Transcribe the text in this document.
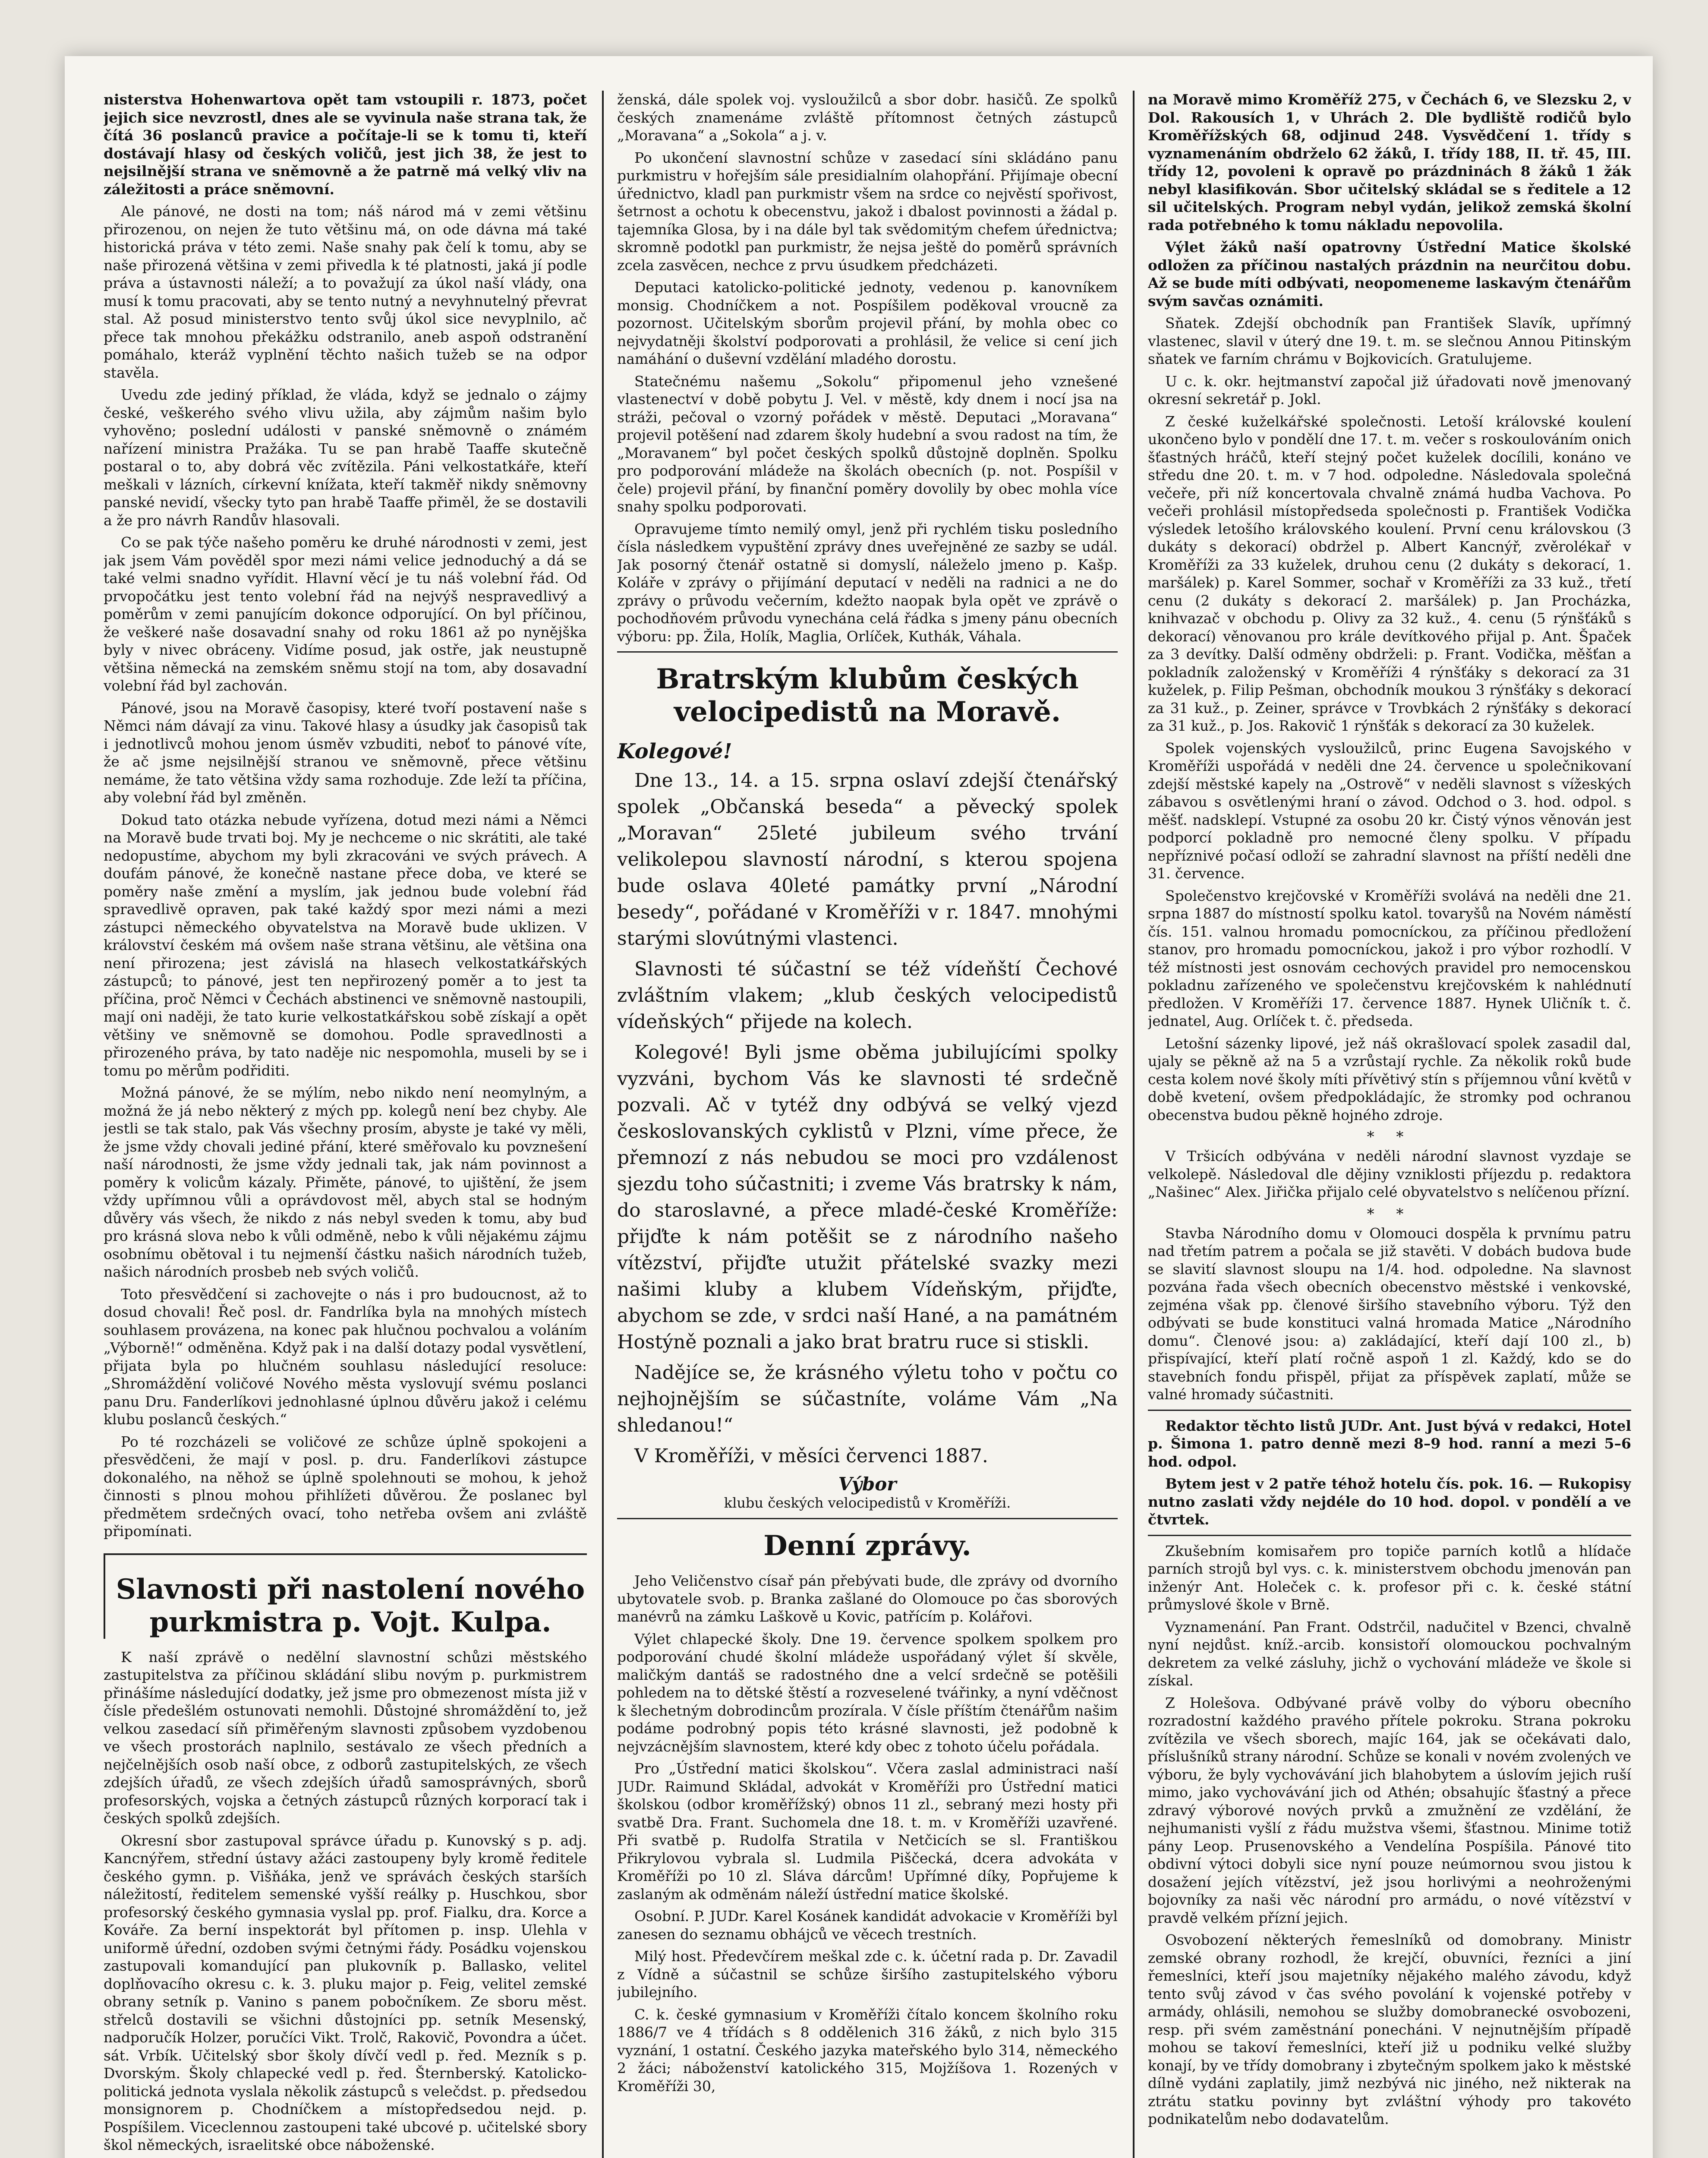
nisterstva Hohenwartova opět tam vstoupili r. 1873, počet jejich sice nevzrostl, dnes ale se vyvinula naše strana tak, že čítá 36 poslanců pravice a počítaje-li se k tomu ti, kteří dostávají hlasy od českých voličů, jest jich 38, že jest to nejsilnější strana ve sněmovně a že patrně má velký vliv na záležitosti a práce sněmovní.

Ale pánové, ne dosti na tom; náš národ má v zemi většinu přirozenou, on nejen že tuto většinu má, on ode dávna má také historická práva v této zemi. Naše snahy pak čelí k tomu, aby se naše přirozená většina v zemi přivedla k té platnosti, jaká jí podle práva a ústavnosti náleží; a to považují za úkol naší vlády, ona musí k tomu pracovati, aby se tento nutný a nevyhnutelný převrat stal. Až posud ministerstvo tento svůj úkol sice nevyplnilo, ač přece tak mnohou překážku odstranilo, aneb aspoň odstranění pomáhalo, kteráž vyplnění těchto našich tužeb se na odpor stavěla.

Uvedu zde jediný příklad, že vláda, když se jednalo o zájmy české, veškerého svého vlivu užila, aby zájmům našim bylo vyhověno; poslední události v panské sněmovně o známém nařízení ministra Pražáka. Tu se pan hrabě Taaffe skutečně postaral o to, aby dobrá věc zvítězila. Páni velkostatkáře, kteří meškali v lázních, církevní knížata, kteří takměř nikdy sněmovny panské nevidí, všecky tyto pan hrabě Taaffe přiměl, že se dostavili a že pro návrh Randův hlasovali.

Co se pak týče našeho poměru ke druhé národnosti v zemi, jest jak jsem Vám pověděl spor mezi námi velice jednoduchý a dá se také velmi snadno vyřídit. Hlavní věcí je tu náš volební řád. Od prvopočátku jest tento volební řád na nejvýš nespravedlivý a poměrům v zemi panujícím dokonce odporující. On byl příčinou, že veškeré naše dosavadní snahy od roku 1861 až po nynějška byly v nivec obráceny. Vidíme posud, jak ostře, jak neustupně většina německá na zemském sněmu stojí na tom, aby dosavadní volební řád byl zachován.

Pánové, jsou na Moravě časopisy, které tvoří postavení naše s Němci nám dávají za vinu. Takové hlasy a úsudky jak časopisů tak i jednotlivců mohou jenom úsměv vzbuditi, neboť to pánové víte, že ač jsme nejsilnější stranou ve sněmovně, přece většinu nemáme, že tato většina vždy sama rozhoduje. Zde leží ta příčina, aby volební řád byl změněn.

Dokud tato otázka nebude vyřízena, dotud mezi námi a Němci na Moravě bude trvati boj. My je nechceme o nic skrátiti, ale také nedopustíme, abychom my byli zkracováni ve svých právech. A doufám pánové, že konečně nastane přece doba, ve které se poměry naše změní a myslím, jak jednou bude volební řád spravedlivě opraven, pak také každý spor mezi námi a mezi zástupci německého obyvatelstva na Moravě bude uklizen. V království českém má ovšem naše strana většinu, ale většina ona není přirozena; jest závislá na hlasech velkostatkářských zástupců; to pánové, jest ten nepřirozený poměr a to jest ta příčina, proč Němci v Čechách abstinenci ve sněmovně nastoupili, mají oni naději, že tato kurie velkostatkářskou sobě získají a opět většiny ve sněmovně se domohou. Podle spravedlnosti a přirozeného práva, by tato naděje nic nespomohla, museli by se i tomu po měrům podřiditi.

Možná pánové, že se mýlím, nebo nikdo není neomylným, a možná že já nebo některý z mých pp. kolegů není bez chyby. Ale jestli se tak stalo, pak Vás všechny prosím, abyste je také vy měli, že jsme vždy chovali jediné přání, které směřovalo ku povznešení naší národnosti, že jsme vždy jednali tak, jak nám povinnost a poměry k volicům kázaly. Přiměte, pánové, to ujištění, že jsem vždy upřímnou vůli a oprávdovost měl, abych stal se hodným důvěry vás všech, že nikdo z nás nebyl sveden k tomu, aby buď pro krásná slova nebo k vůli odměně, nebo k vůli nějakému zájmu osobnímu obětoval i tu nejmenší částku našich národních tužeb, našich národních prosbeb neb svých voličů.

Toto přesvědčení si zachovejte o nás i pro budoucnost, až to dosud chovali! Řeč posl. dr. Fandrlíka byla na mnohých místech souhlasem provázena, na konec pak hlučnou pochvalou a voláním „Výborně!“ odměněna. Když pak i na další dotazy podal vysvětlení, přijata byla po hlučném souhlasu následující resoluce: „Shromáždění voličové Nového města vyslovují svému poslanci panu Dru. Fanderlíkovi jednohlasné úplnou důvěru jakož i celému klubu poslanců českých.“

Po té rozcházeli se voličové ze schůze úplně spokojeni a přesvědčeni, že mají v posl. p. dru. Fanderlíkovi zástupce dokonalého, na něhož se úplně spolehnouti se mohou, k jehož činnosti s plnou mohou přihlížeti důvěrou. Že poslanec byl předmětem srdečných ovací, toho netřeba ovšem ani zvláště připomínati.

Slavnosti při nastolení nového purkmistra p. Vojt. Kulpa.

K naší zprávě o nedělní slavnostní schůzi městského zastupitelstva za příčinou skládání slibu novým p. purkmistrem přinášíme následující dodatky, jež jsme pro obmezenost místa již v čísle předešlém ostunovati nemohli. Důstojné shromáždění to, jež velkou zasedací síň přiměřeným slavnosti způsobem vyzdobenou ve všech prostorách naplnilo, sestávalo ze všech předních a nejčelnějších osob naší obce, z odborů zastupitelských, ze všech zdejších úřadů, ze všech zdejších úřadů samosprávných, sborů profesorských, vojska a četných zástupců různých korporací tak i českých spolků zdejších.

Okresní sbor zastupoval správce úřadu p. Kunovský s p. adj. Kancnýřem, střední ústavy ažáci zastoupeny byly kromě ředitele českého gymn. p. Višňáka, jenž ve správách českých starších náležitostí, ředitelem semenské vyšší reálky p. Huschkou, sbor profesorský českého gymnasia vyslal pp. prof. Fialku, dra. Korce a Kováře. Za berní inspektorát byl přítomen p. insp. Ulehla v uniformě úřední, ozdoben svými četnými řády. Posádku vojenskou zastupovali komandující pan plukovník p. Ballasko, velitel doplňovacího okresu c. k. 3. pluku major p. Feig, velitel zemské obrany setník p. Vanino s panem pobočníkem. Ze sboru měst. střelců dostavili se všichni důstojníci pp. setník Mesenský, nadporučík Holzer, poručíci Vikt. Trolč, Rakovič, Povondra a účet. sát. Vrbík. Učitelský sbor školy dívčí vedl p. řed. Mezník s p. Dvorským. Školy chlapecké vedl p. řed. Šternberský. Katolicko-politická jednota vyslala několik zástupců s velečdst. p. předsedou monsignorem p. Chodníčkem a místopředsedou nejd. p. Pospíšilem. Viceclennou zastoupeni také ubcové p. učitelské sbory škol německých, israelitské obce náboženské.

ženská, dále spolek voj. vysloužilců a sbor dobr. hasičů. Ze spolků českých znamenáme zvláště přítomnost četných zástupců „Moravana“ a „Sokola“ a j. v.

Po ukončení slavnostní schůze v zasedací síni skládáno panu purkmistru v hořejším sále presidialním olahopřání. Přijímaje obecní úřednictvo, kladl pan purkmistr všem na srdce co nejvěstí spořivost, šetrnost a ochotu k obecenstvu, jakož i dbalost povinnosti a žádal p. tajemníka Glosa, by i na dále byl tak svědomitým chefem úřednictva; skromně podotkl pan purkmistr, že nejsa ještě do poměrů správních zcela zasvěcen, nechce z prvu úsudkem předcházeti.

Deputaci katolicko-politické jednoty, vedenou p. kanovníkem monsig. Chodníčkem a not. Pospíšilem poděkoval vroucně za pozornost. Učitelským sborům projevil přání, by mohla obec co nejvydatněji školství podporovati a prohlásil, že velice si cení jich namáhání o duševní vzdělání mladého dorostu.

Statečnému našemu „Sokolu“ připomenul jeho vznešené vlastenectví v době pobytu J. Vel. v městě, kdy dnem i nocí jsa na stráži, pečoval o vzorný pořádek v městě. Deputaci „Moravana“ projevil potěšení nad zdarem školy hudební a svou radost na tím, že „Moravanem“ byl počet českých spolků důstojně doplněn. Spolku pro podporování mládeže na školách obecních (p. not. Pospíšil v čele) projevil přání, by finanční poměry dovolily by obec mohla více snahy spolku podporovati.

Opravujeme tímto nemilý omyl, jenž při rychlém tisku posledního čísla následkem vypuštění zprávy dnes uveřejněné ze sazby se udál. Jak posorný čtenář ostatně si domyslí, náleželo jmeno p. Kašp. Koláře v zprávy o přijímání deputací v neděli na radnici a ne do zprávy o průvodu večerním, kdežto naopak byla opět ve zprávě o pochodňovém průvodu vynechána celá řádka s jmeny pánu obecních výboru: pp. Žila, Holík, Maglia, Orlíček, Kuthák, Váhala.

Bratrským klubům českých velocipedistů na Moravě.
Kolegové!

Dne 13., 14. a 15. srpna oslaví zdejší čtenářský spolek „Občanská beseda“ a pěvecký spolek „Moravan“ 25leté jubileum svého trvání velikolepou slavností národní, s kterou spojena bude oslava 40leté památky první „Národní besedy“, pořádané v Kroměříži v r. 1847. mnohými starými slovútnými vlastenci.

Slavnosti té súčastní se též vídeňští Čechové zvláštním vlakem; „klub českých velocipedistů vídeňských“ přijede na kolech.

Kolegové! Byli jsme oběma jubilujícími spolky vyzváni, bychom Vás ke slavnosti té srdečně pozvali. Ač v tytéž dny odbývá se velký vjezd českoslovanských cyklistů v Plzni, víme přece, že přemnozí z nás nebudou se moci pro vzdálenost sjezdu toho súčastniti; i zveme Vás bratrsky k nám, do staroslavné, a přece mladé-české Kroměříže: přijďte k nám potěšit se z národního našeho vítězství, přijďte utužit přátelské svazky mezi našimi kluby a klubem Vídeňským, přijďte, abychom se zde, v srdci naší Hané, a na památném Hostýně poznali a jako brat bratru ruce si stiskli.

Nadějíce se, že krásného výletu toho v počtu co nejhojnějším se súčastníte, voláme Vám „Na shledanou!“

V Kroměříži, v měsíci červenci 1887.

Výbor
klubu českých velocipedistů v Kroměříži.
Denní zprávy.

Jeho Veličenstvo císař pán přebývati bude, dle zprávy od dvorního ubytovatele svob. p. Branka zašlané do Olomouce po čas sborových manévrů na zámku Laškově u Kovic, patřícím p. Kolářovi.

Výlet chlapecké školy. Dne 19. července spolkem spolkem pro podporování chudé školní mládeže uspořádaný výlet ší skvěle, maličkým dantáš se radostného dne a velcí srdečně se potěšili pohledem na to dětské štěstí a rozveselené tvářinky, a nyní vděčnost k šlechetným dobrodincům prozírala. V čísle příštím čtenářům našim podáme podrobný popis této krásné slavnosti, jež podobně k nejvzácnějším slavnostem, které kdy obec z tohoto účelu pořádala.

Pro „Ústřední matici školskou“. Včera zaslal administraci naší JUDr. Raimund Skládal, advokát v Kroměříži pro Ústřední matici školskou (odbor kroměřížský) obnos 11 zl., sebraný mezi hosty při svatbě Dra. Frant. Suchomela dne 18. t. m. v Kroměříži uzavřené. Při svatbě p. Rudolfa Stratila v Netčicích se sl. Františkou Přikrylovou vybrala sl. Ludmila Piščecká, dcera advokáta v Kroměříži po 10 zl. Sláva dárcům! Upřímné díky, Popřujeme k zaslaným ak odměnám náleží ústřední matice školské.

Osobní. P. JUDr. Karel Kosánek kandidát advokacie v Kroměříži byl zanesen do seznamu obhájců ve věcech trestních.

Milý host. Předevčírem meškal zde c. k. účetní rada p. Dr. Zavadil z Vídně a súčastnil se schůze širšího zastupitelského výboru jubilejního.

C. k. české gymnasium v Kroměříži čítalo koncem školního roku 1886/7 ve 4 třídách s 8 oddělenich 316 žáků, z nich bylo 315 vyznání, 1 ostatní. Českého jazyka mateřského bylo 314, německého 2 žáci; náboženství katolického 315, Mojžíšova 1. Rozených v Kroměříži 30,

na Moravě mimo Kroměříž 275, v Čechách 6, ve Slezsku 2, v Dol. Rakousích 1, v Uhrách 2. Dle bydliště rodičů bylo Kroměřížských 68, odjinud 248. Vysvědčení 1. třídy s vyznamenáním obdrželo 62 žáků, I. třídy 188, II. tř. 45, III. třídy 12, povoleni k opravě po prázdninách 8 žáků 1 žák nebyl klasifikován. Sbor učitelský skládal se s ředitele a 12 sil učitelských. Program nebyl vydán, jelikož zemská školní rada potřebného k tomu nákladu nepovolila.

Výlet žáků naší opatrovny Ústřední Matice školské odložen za příčinou nastalých prázdnin na neurčitou dobu. Až se bude míti odbývati, neopomeneme laskavým čtenářům svým savčas oznámiti.

Sňatek. Zdejší obchodník pan František Slavík, upřímný vlastenec, slavil v úterý dne 19. t. m. se slečnou Annou Pitinským sňatek ve farním chrámu v Bojkovicích. Gratulujeme.

U c. k. okr. hejtmanství započal již úřadovati nově jmenovaný okresní sekretář p. Jokl.

Z české kuželkářské společnosti. Letoší královské koulení ukončeno bylo v pondělí dne 17. t. m. večer s roskoulováním onich šťastných hráčů, kteří stejný počet kuželek docílili, konáno ve středu dne 20. t. m. v 7 hod. odpoledne. Následovala společná večeře, při níž koncertovala chvalně známá hudba Vachova. Po večeři prohlásil místopředseda společnosti p. František Vodička výsledek letošího královského koulení. První cenu královskou (3 dukáty s dekorací) obdržel p. Albert Kancnýř, zvěrolékař v Kroměříži za 33 kuželek, druhou cenu (2 dukáty s dekorací, 1. maršálek) p. Karel Sommer, sochař v Kroměříži za 33 kuž., třetí cenu (2 dukáty s dekorací 2. maršálek) p. Jan Procházka, knihvazač v obchodu p. Olivy za 32 kuž., 4. cenu (5 rýnšťáků s dekorací) věnovanou pro krále devítkového přijal p. Ant. Špaček za 3 devítky. Další odměny obdrželi: p. Frant. Vodička, měšťan a pokladník založenský v Kroměříži 4 rýnšťáky s dekorací za 31 kuželek, p. Filip Pešman, obchodník moukou 3 rýnšťáky s dekorací za 31 kuž., p. Zeiner, správce v Trovbkách 2 rýnšťáky s dekorací za 31 kuž., p. Jos. Rakovič 1 rýnšťák s dekorací za 30 kuželek.

Spolek vojenských vysloužilců, princ Eugena Savojského v Kroměříži uspořádá v neděli dne 24. července u společnikovaní zdejší městské kapely na „Ostrově“ v neděli slavnost s vížeských zábavou s osvětlenými hraní o závod. Odchod o 3. hod. odpol. s měšť. nadsklepí. Vstupné za osobu 20 kr. Čistý výnos věnován jest podporcí pokladně pro nemocné členy spolku. V případu nepříznivé počasí odloží se zahradní slavnost na příští neděli dne 31. července.

Společenstvo krejčovské v Kroměříži svolává na neděli dne 21. srpna 1887 do místností spolku katol. tovaryšů na Novém náměstí čís. 151. valnou hromadu pomocníckou, za příčinou předložení stanov, pro hromadu pomocníckou, jakož i pro výbor rozhodlí. V též místnosti jest osnovám cechových pravidel pro nemocenskou pokladnu zařízeného ve společenstvu krejčovském k nahlédnutí předložen. V Kroměříži 17. července 1887. Hynek Uličník t. č. jednatel, Aug. Orlíček t. č. předseda.

Letošní sázenky lipové, jež náš okrašlovací spolek zasadil dal, ujaly se pěkně až na 5 a vzrůstají rychle. Za několik roků bude cesta kolem nové školy míti přívětivý stín s příjemnou vůní květů v době kvetení, ovšem předpokládajíc, že stromky pod ochranou obecenstva budou pěkně hojného zdroje.

* *

V Tršicích odbývána v neděli národní slavnost vyzdaje se velkolepě. Následoval dle dějiny vzniklosti příjezdu p. redaktora „Našinec“ Alex. Jiřička přijalo celé obyvatelstvo s nelíčenou přízní.

* *

Stavba Národního domu v Olomouci dospěla k prvnímu patru nad třetím patrem a počala se již stavěti. V dobách budova bude se slavití slavnost sloupu na 1/4. hod. odpoledne. Na slavnost pozvána řada všech obecních obecenstvo městské i venkovské, zejména však pp. členové širšího stavebního výboru. Týž den odbývati se bude konstituci valná hromada Matice „Národního domu“. Členové jsou: a) zakládající, kteří dají 100 zl., b) přispívající, kteří platí ročně aspoň 1 zl. Každý, kdo se do stavebních fondu přispěl, přijat za příspěvek zaplatí, může se valné hromady súčastniti.

Redaktor těchto listů JUDr. Ant. Just bývá v redakci, Hotel p. Šimona 1. patro denně mezi 8–9 hod. ranní a mezi 5–6 hod. odpol.

Bytem jest v 2 patře téhož hotelu čís. pok. 16. — Rukopisy nutno zaslati vždy nejdéle do 10 hod. dopol. v pondělí a ve čtvrtek.

Zkušebním komisařem pro topiče parních kotlů a hlídače parních strojů byl vys. c. k. ministerstvem obchodu jmenován pan inženýr Ant. Holeček c. k. profesor při c. k. české státní průmyslové škole v Brně.

Vyznamenání. Pan Frant. Odstrčil, nadučitel v Bzenci, chvalně nyní nejdůst. kníž.-arcib. konsistoří olomouckou pochvalným dekretem za velké zásluhy, jichž o vychování mládeže ve škole si získal.

Z Holešova. Odbývané právě volby do výboru obecního rozradostní každého pravého přítele pokroku. Strana pokroku zvítězila ve všech sborech, majíc 164, jak se očekávati dalo, příslušníků strany národní. Schůze se konali v novém zvolených ve výboru, že byly vychovávání jich blahobytem a úslovím jejich ruší mimo, jako vychovávání jich od Athén; obsahujíc šťastný a přece zdravý výborové nových prvků a zmužnění ze vzdělání, že nejhumanisti vyšlí z řádu mužstva všemi, šťastnou. Minime totiž pány Leop. Prusenovského a Vendelína Pospíšila. Pánové tito obdivní výtoci dobyli sice nyní pouze neúmornou svou jistou k dosažení jejích vítězství, jež jsou horlivými a neohroženými bojovníky za naši věc národní pro armádu, o nové vítězství v pravdě velkém přízní jejich.

Osvobození některých řemeslníků od domobrany. Ministr zemské obrany rozhodl, že krejčí, obuvníci, řezníci a jiní řemeslníci, kteří jsou majetníky nějakého malého závodu, když tento svůj závod v čas svého povolání k vojenské potřeby v armády, ohlásili, nemohou se služby domobranecké osvobozeni, resp. při svém zaměstnání ponecháni. V nejnutnějším případě mohou se takoví řemeslníci, kteří již u podniku velké služby konají, by ve třídy domobrany i zbytečným spolkem jako k městské dílně vydáni zaplatily, jimž nezbývá nic jiného, než nikterak na ztrátu statku povinny byt zvláštní výhody pro takovéto podnikatelům nebo dodavatelům.
